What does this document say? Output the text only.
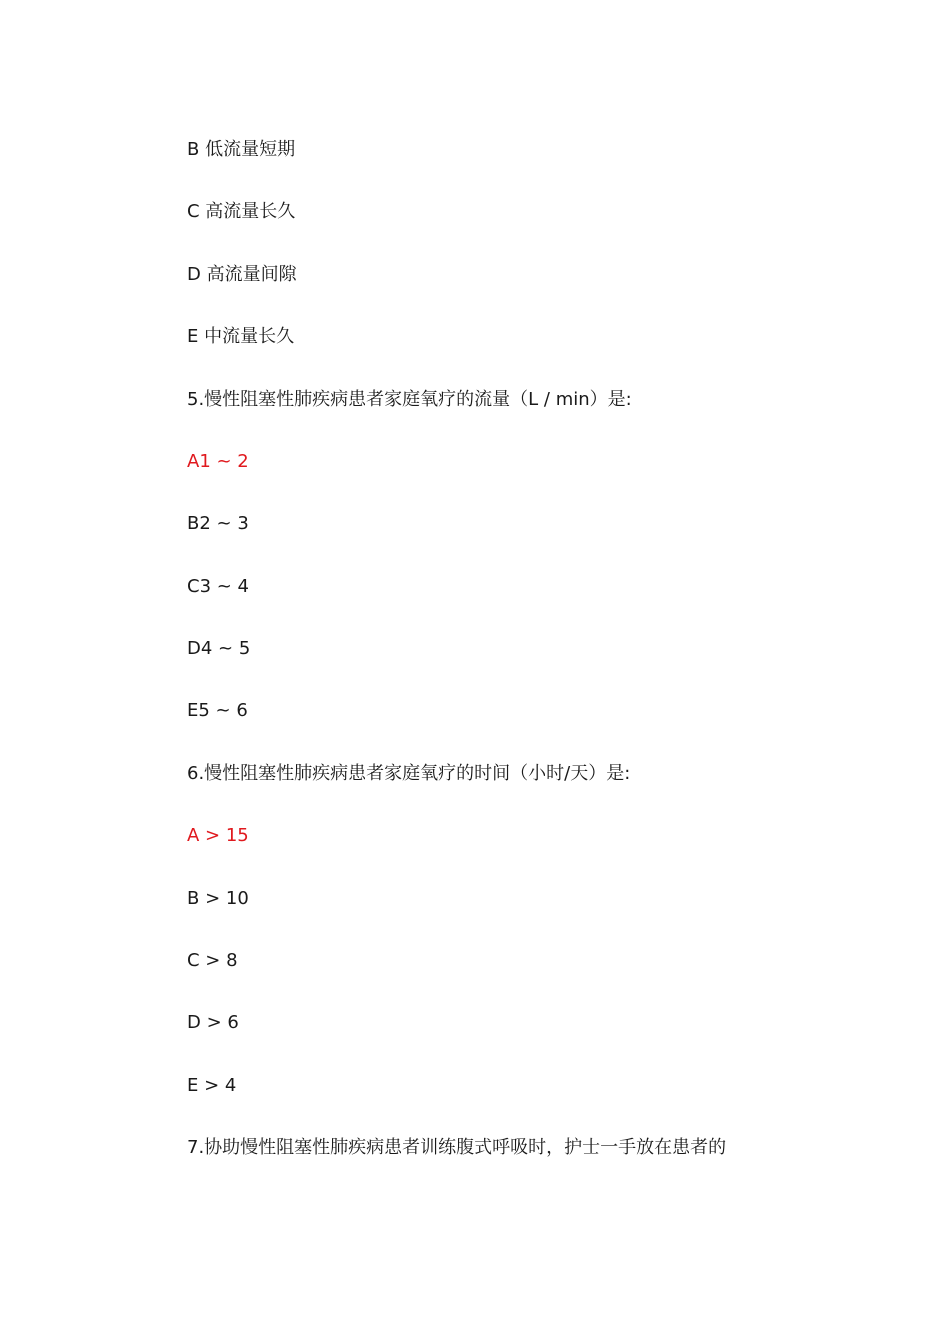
B 低流量短期
C 高流量长久
D 高流量间隙
E 中流量长久
5.慢性阻塞性肺疾病患者家庭氧疗的流量（L / min）是:
A1 ~ 2
B2 ~ 3
C3 ~ 4
D4 ~ 5
E5 ~ 6
6.慢性阻塞性肺疾病患者家庭氧疗的时间（小时/天）是:
A > 15
B > 10
C > 8
D > 6
E > 4
7.协助慢性阻塞性肺疾病患者训练腹式呼吸时，护士一手放在患者的
